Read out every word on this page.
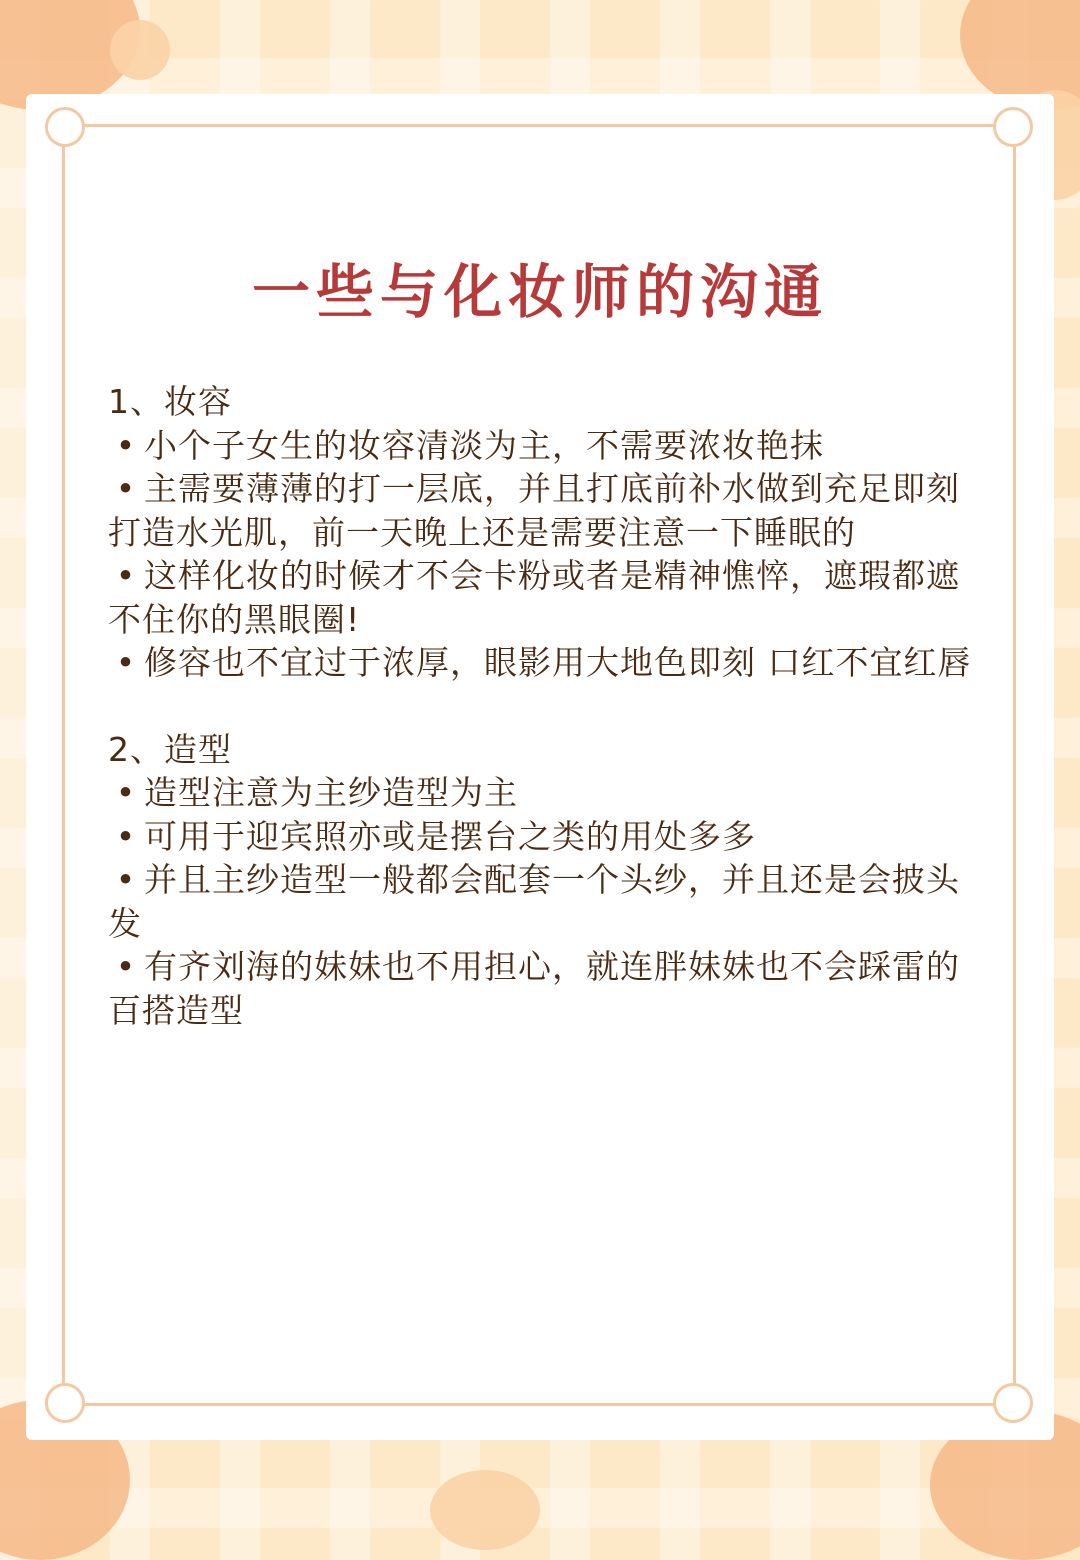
一些与化妆师的沟通

1、妆容

• 小个子女生的妆容清淡为主，不需要浓妆艳抹

• 主需要薄薄的打一层底，并且打底前补水做到充足即刻打造水光肌，前一天晚上还是需要注意一下睡眠的

• 这样化妆的时候才不会卡粉或者是精神憔悴，遮瑕都遮不住你的黑眼圈!

• 修容也不宜过于浓厚，眼影用大地色即刻 口红不宜红唇

2、造型

• 造型注意为主纱造型为主

• 可用于迎宾照亦或是摆台之类的用处多多

• 并且主纱造型一般都会配套一个头纱，并且还是会披头发

• 有齐刘海的妹妹也不用担心，就连胖妹妹也不会踩雷的百搭造型
